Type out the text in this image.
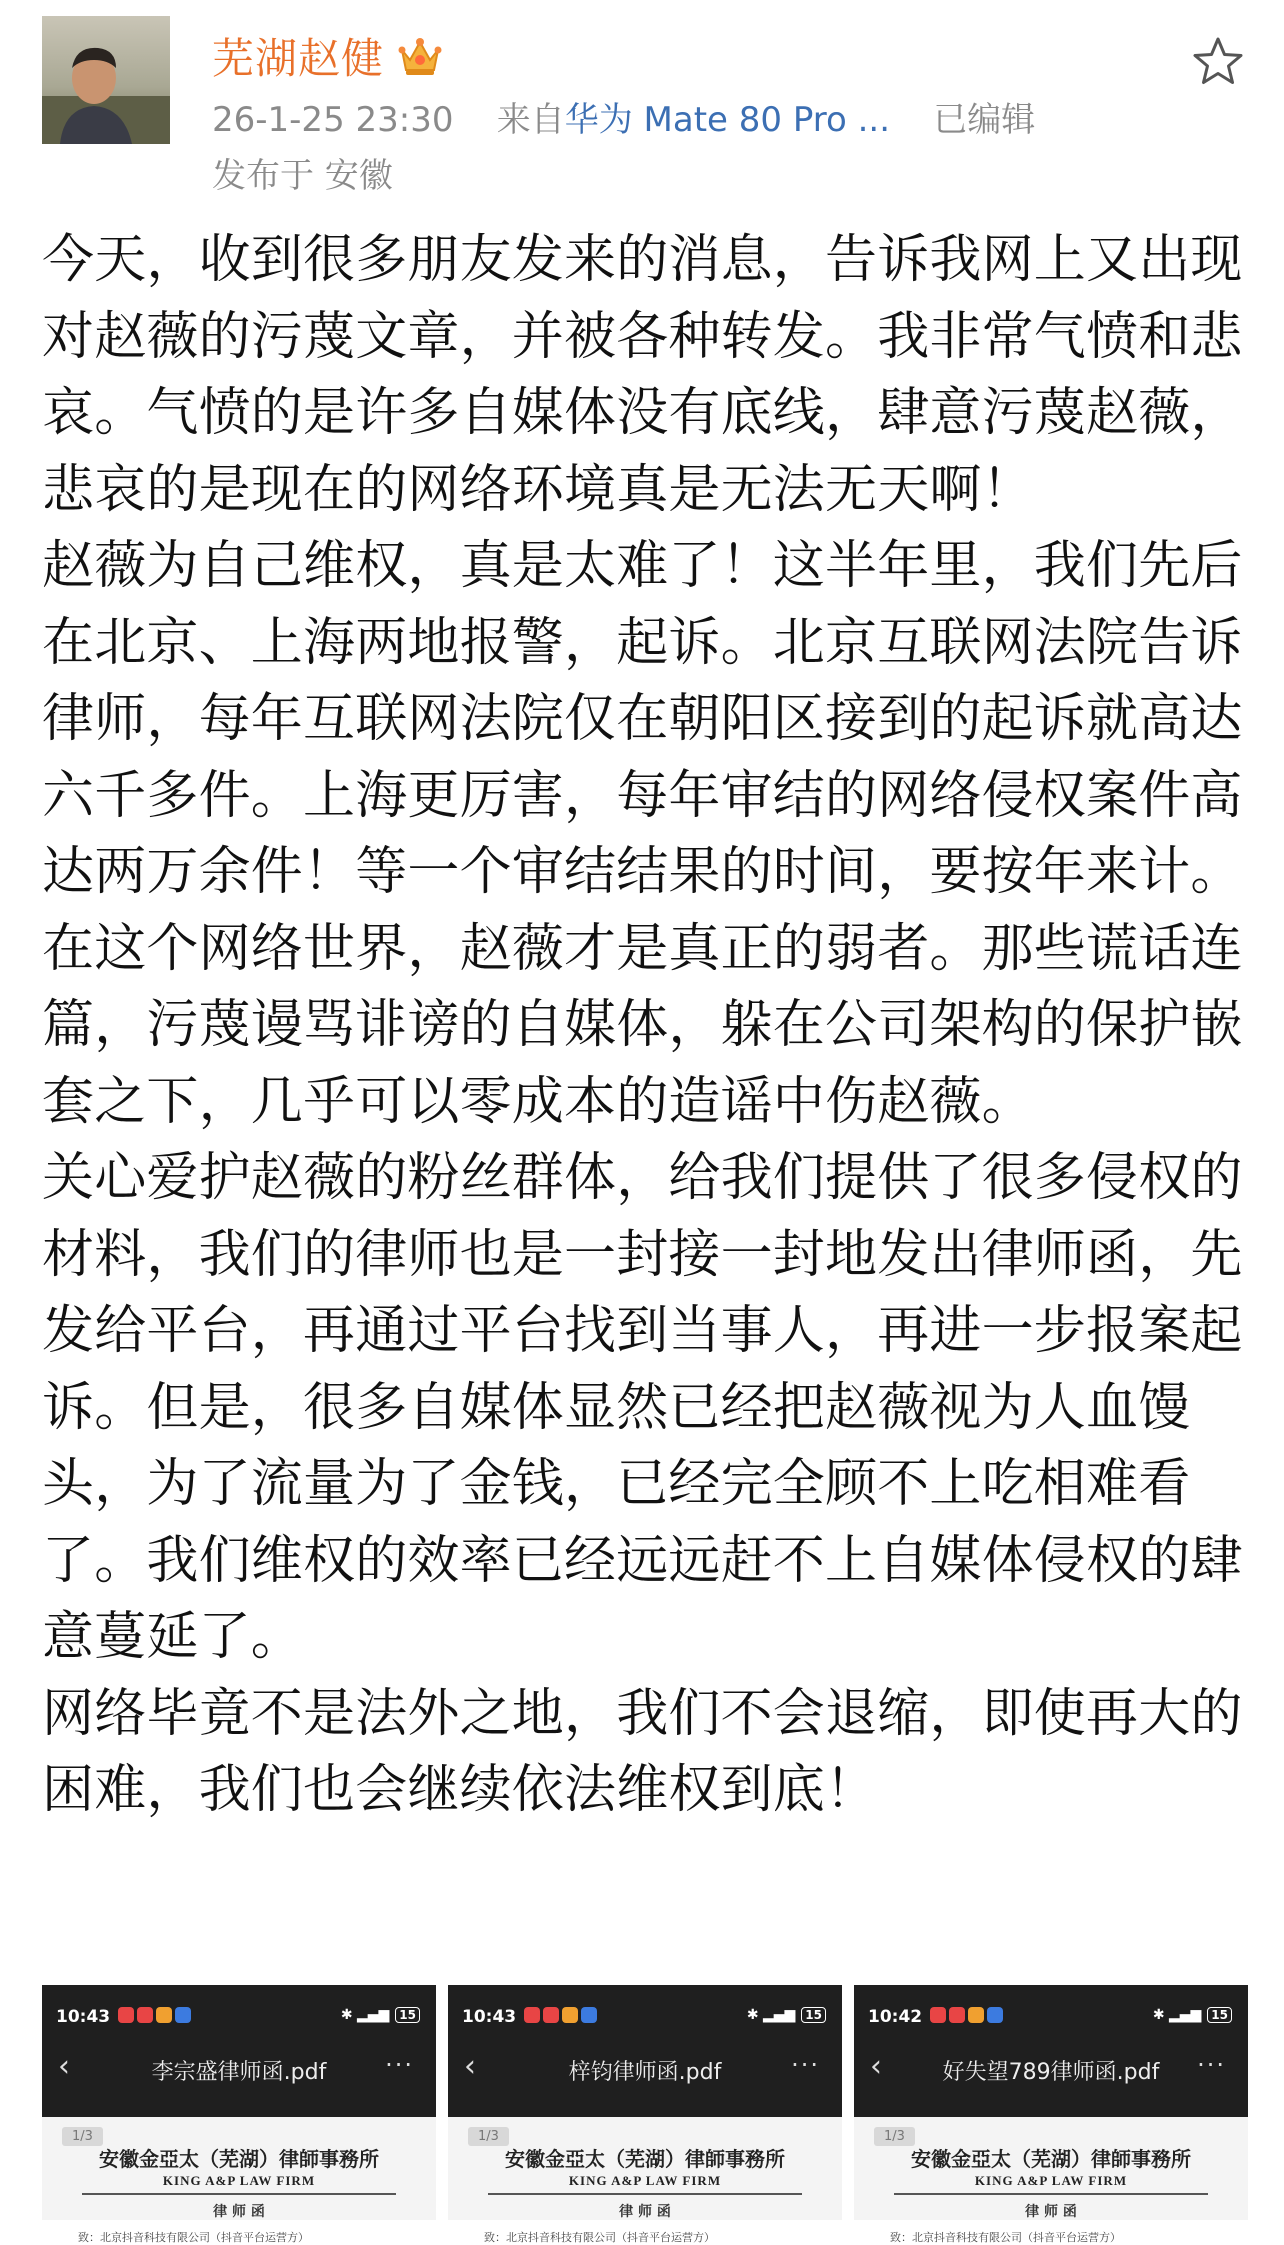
芜湖赵健
26-1-25 23:30 来自华为 Mate 80 Pro ... 已编辑
发布于 安徽

今天，收到很多朋友发来的消息，告诉我网上又出现对赵薇的污蔑文章，并被各种转发。我非常气愤和悲哀。气愤的是许多自媒体没有底线，肆意污蔑赵薇，悲哀的是现在的网络环境真是无法无天啊！

赵薇为自己维权，真是太难了！这半年里，我们先后在北京、上海两地报警，起诉。北京互联网法院告诉律师，每年互联网法院仅在朝阳区接到的起诉就高达六千多件。上海更厉害，每年审结的网络侵权案件高达两万余件！等一个审结结果的时间，要按年来计。在这个网络世界，赵薇才是真正的弱者。那些谎话连篇，污蔑谩骂诽谤的自媒体，躲在公司架构的保护嵌套之下，几乎可以零成本的造谣中伤赵薇。

关心爱护赵薇的粉丝群体，给我们提供了很多侵权的材料，我们的律师也是一封接一封地发出律师函，先发给平台，再通过平台找到当事人，再进一步报案起诉。但是，很多自媒体显然已经把赵薇视为人血馒头，为了流量为了金钱，已经完全顾不上吃相难看了。我们维权的效率已经远远赶不上自媒体侵权的肆意蔓延了。

网络毕竟不是法外之地，我们不会退缩，即使再大的困难，我们也会继续依法维权到底！

10:43	✱ ▂▄▆ 15
‹	李宗盛律师函.pdf	···
1/3
安徽金亞太（芜湖）律師事務所
KING A&P LAW FIRM
律 师 函
致：北京抖音科技有限公司（抖音平台运营方）
10:43	✱ ▂▄▆ 15
‹	梓钧律师函.pdf	···
1/3
安徽金亞太（芜湖）律師事務所
KING A&P LAW FIRM
律 师 函
致：北京抖音科技有限公司（抖音平台运营方）
10:42	✱ ▂▄▆ 15
‹	好失望789律师函.pdf	···
1/3
安徽金亞太（芜湖）律師事務所
KING A&P LAW FIRM
律 师 函
致：北京抖音科技有限公司（抖音平台运营方）
